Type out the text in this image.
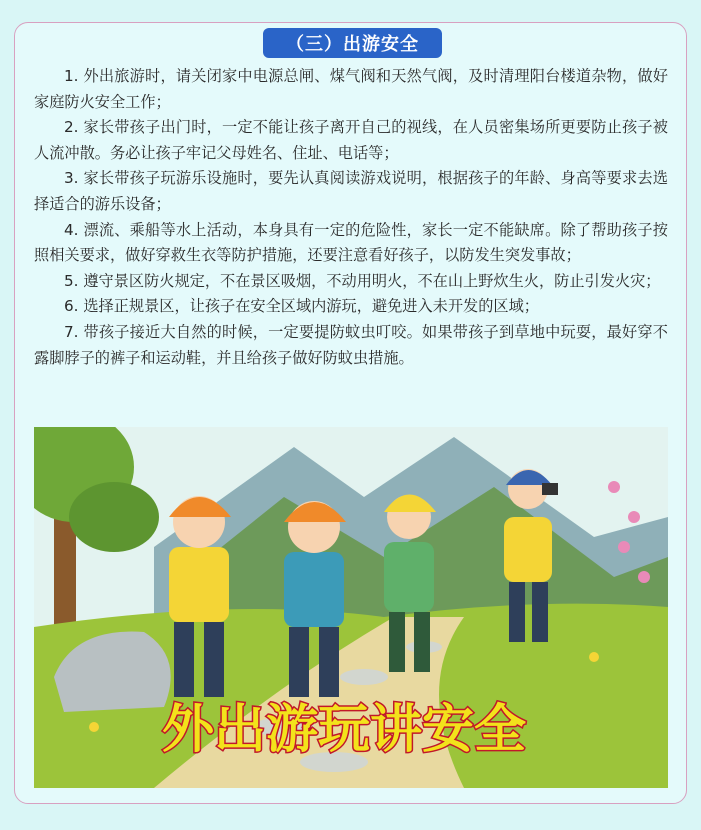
（三）出游安全

1. 外出旅游时，请关闭家中电源总闸、煤气阀和天然气阀，及时清理阳台楼道杂物，做好家庭防火安全工作；

2. 家长带孩子出门时，一定不能让孩子离开自己的视线，在人员密集场所更要防止孩子被人流冲散。务必让孩子牢记父母姓名、住址、电话等；

3. 家长带孩子玩游乐设施时，要先认真阅读游戏说明，根据孩子的年龄、身高等要求去选择适合的游乐设备；

4. 漂流、乘船等水上活动，本身具有一定的危险性，家长一定不能缺席。除了帮助孩子按照相关要求，做好穿救生衣等防护措施，还要注意看好孩子，以防发生突发事故；

5. 遵守景区防火规定，不在景区吸烟，不动用明火，不在山上野炊生火，防止引发火灾；

6. 选择正规景区，让孩子在安全区域内游玩，避免进入未开发的区域；

7. 带孩子接近大自然的时候，一定要提防蚊虫叮咬。如果带孩子到草地中玩耍，最好穿不露脚脖子的裤子和运动鞋，并且给孩子做好防蚊虫措施。

外出游玩讲安全
